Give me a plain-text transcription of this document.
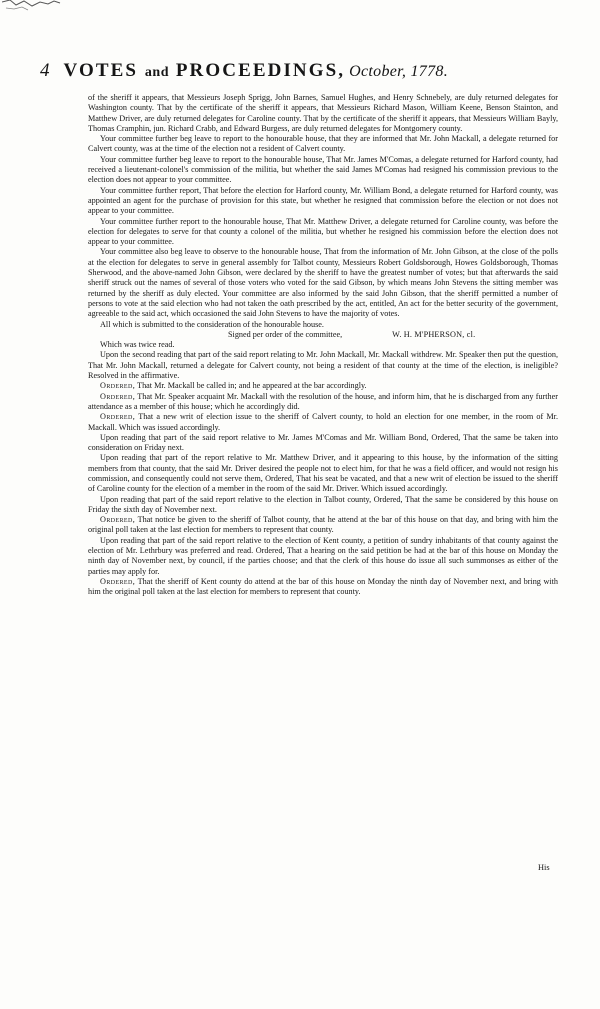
4 VOTES and PROCEEDINGS, October, 1778.

of the sheriff it appears, that Messieurs Joseph Sprigg, John Barnes, Samuel Hughes, and Henry Schnebely, are duly returned delegates for Washington county. That by the certificate of the sheriff it appears, that Messieurs Richard Mason, William Keene, Benson Stainton, and Matthew Driver, are duly returned delegates for Caroline county. That by the certificate of the sheriff it appears, that Messieurs William Bayly, Thomas Cramphin, jun. Richard Crabb, and Edward Burgess, are duly returned delegates for Montgomery county.

Your committee further beg leave to report to the honourable house, that they are informed that Mr. John Mackall, a delegate returned for Calvert county, was at the time of the election not a resident of Calvert county.

Your committee further beg leave to report to the honourable house, That Mr. James M'Comas, a delegate returned for Harford county, had received a lieutenant-colonel's commission of the militia, but whether the said James M'Comas had resigned his commission previous to the election does not appear to your committee.

Your committee further report, That before the election for Harford county, Mr. William Bond, a delegate returned for Harford county, was appointed an agent for the purchase of provision for this state, but whether he resigned that commission before the election or not does not appear to your committee.

Your committee further report to the honourable house, That Mr. Matthew Driver, a delegate returned for Caroline county, was before the election for delegates to serve for that county a colonel of the militia, but whether he resigned his commission before the election does not appear to your committee.

Your committee also beg leave to observe to the honourable house, That from the information of Mr. John Gibson, at the close of the polls at the election for delegates to serve in general assembly for Talbot county, Messieurs Robert Goldsborough, Howes Goldsborough, Thomas Sherwood, and the above-named John Gibson, were declared by the sheriff to have the greatest number of votes; but that afterwards the said sheriff struck out the names of several of those voters who voted for the said Gibson, by which means John Stevens the sitting member was returned by the sheriff as duly elected. Your committee are also informed by the said John Gibson, that the sheriff permitted a number of persons to vote at the said election who had not taken the oath prescribed by the act, entitled, An act for the better security of the government, agreeable to the said act, which occasioned the said John Stevens to have the majority of votes.

All which is submitted to the consideration of the honourable house.

Signed per order of the committee,	W. H. M'PHERSON, cl.

Which was twice read.

Upon the second reading that part of the said report relating to Mr. John Mackall, Mr. Mackall withdrew. Mr. Speaker then put the question, That Mr. John Mackall, returned a delegate for Calvert county, not being a resident of that county at the time of the election, is ineligible? Resolved in the affirmative.

Ordered, That Mr. Mackall be called in; and he appeared at the bar accordingly.

Ordered, That Mr. Speaker acquaint Mr. Mackall with the resolution of the house, and inform him, that he is discharged from any further attendance as a member of this house; which he accordingly did.

Ordered, That a new writ of election issue to the sheriff of Calvert county, to hold an election for one member, in the room of Mr. Mackall. Which was issued accordingly.

Upon reading that part of the said report relative to Mr. James M'Comas and Mr. William Bond, Ordered, That the same be taken into consideration on Friday next.

Upon reading that part of the report relative to Mr. Matthew Driver, and it appearing to this house, by the information of the sitting members from that county, that the said Mr. Driver desired the people not to elect him, for that he was a field officer, and would not resign his commission, and consequently could not serve them, Ordered, That his seat be vacated, and that a new writ of election be issued to the sheriff of Caroline county for the election of a member in the room of the said Mr. Driver. Which issued accordingly.

Upon reading that part of the said report relative to the election in Talbot county, Ordered, That the same be considered by this house on Friday the sixth day of November next.

Ordered, That notice be given to the sheriff of Talbot county, that he attend at the bar of this house on that day, and bring with him the original poll taken at the last election for members to represent that county.

Upon reading that part of the said report relative to the election of Kent county, a petition of sundry inhabitants of that county against the election of Mr. Lethrbury was preferred and read. Ordered, That a hearing on the said petition be had at the bar of this house on Monday the ninth day of November next, by council, if the parties choose; and that the clerk of this house do issue all such summonses as either of the parties may apply for.

Ordered, That the sheriff of Kent county do attend at the bar of this house on Monday the ninth day of November next, and bring with him the original poll taken at the last election for members to represent that county.

His
